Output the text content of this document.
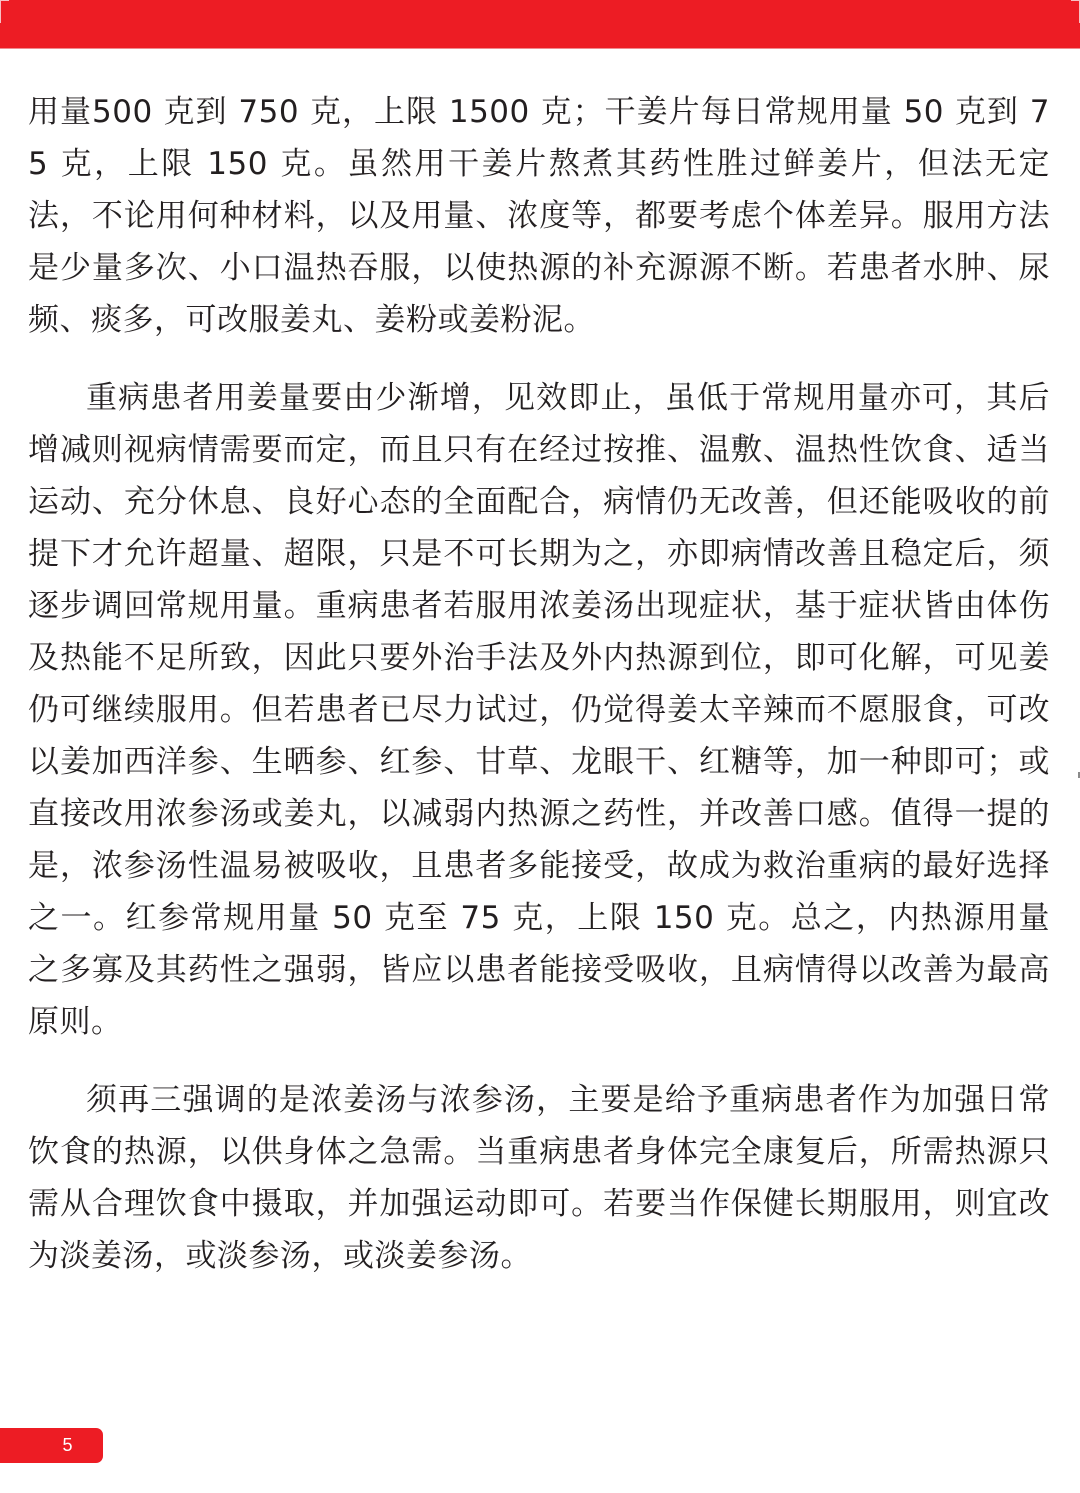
用量500 克到 750 克，上限 1500 克；干姜片每日常规用量 50 克到 75 克，上限 150 克。虽然用干姜片熬煮其药性胜过鲜姜片，但法无定法，不论用何种材料，以及用量、浓度等，都要考虑个体差异。服用方法是少量多次、小口温热吞服，以使热源的补充源源不断。若患者水肿、尿频、痰多，可改服姜丸、姜粉或姜粉泥。

重病患者用姜量要由少渐增，见效即止，虽低于常规用量亦可，其后增减则视病情需要而定，而且只有在经过按推、温敷、温热性饮食、适当运动、充分休息、良好心态的全面配合，病情仍无改善，但还能吸收的前提下才允许超量、超限，只是不可长期为之，亦即病情改善且稳定后，须逐步调回常规用量。重病患者若服用浓姜汤出现症状，基于症状皆由体伤及热能不足所致，因此只要外治手法及外内热源到位，即可化解，可见姜仍可继续服用。但若患者已尽力试过，仍觉得姜太辛辣而不愿服食，可改以姜加西洋参、生晒参、红参、甘草、龙眼干、红糖等，加一种即可；或直接改用浓参汤或姜丸，以减弱内热源之药性，并改善口感。值得一提的是，浓参汤性温易被吸收，且患者多能接受，故成为救治重病的最好选择之一。红参常规用量 50 克至 75 克，上限 150 克。总之，内热源用量之多寡及其药性之强弱，皆应以患者能接受吸收，且病情得以改善为最高原则。

须再三强调的是浓姜汤与浓参汤，主要是给予重病患者作为加强日常饮食的热源，以供身体之急需。当重病患者身体完全康复后，所需热源只需从合理饮食中摄取，并加强运动即可。若要当作保健长期服用，则宜改为淡姜汤，或淡参汤，或淡姜参汤。

5
